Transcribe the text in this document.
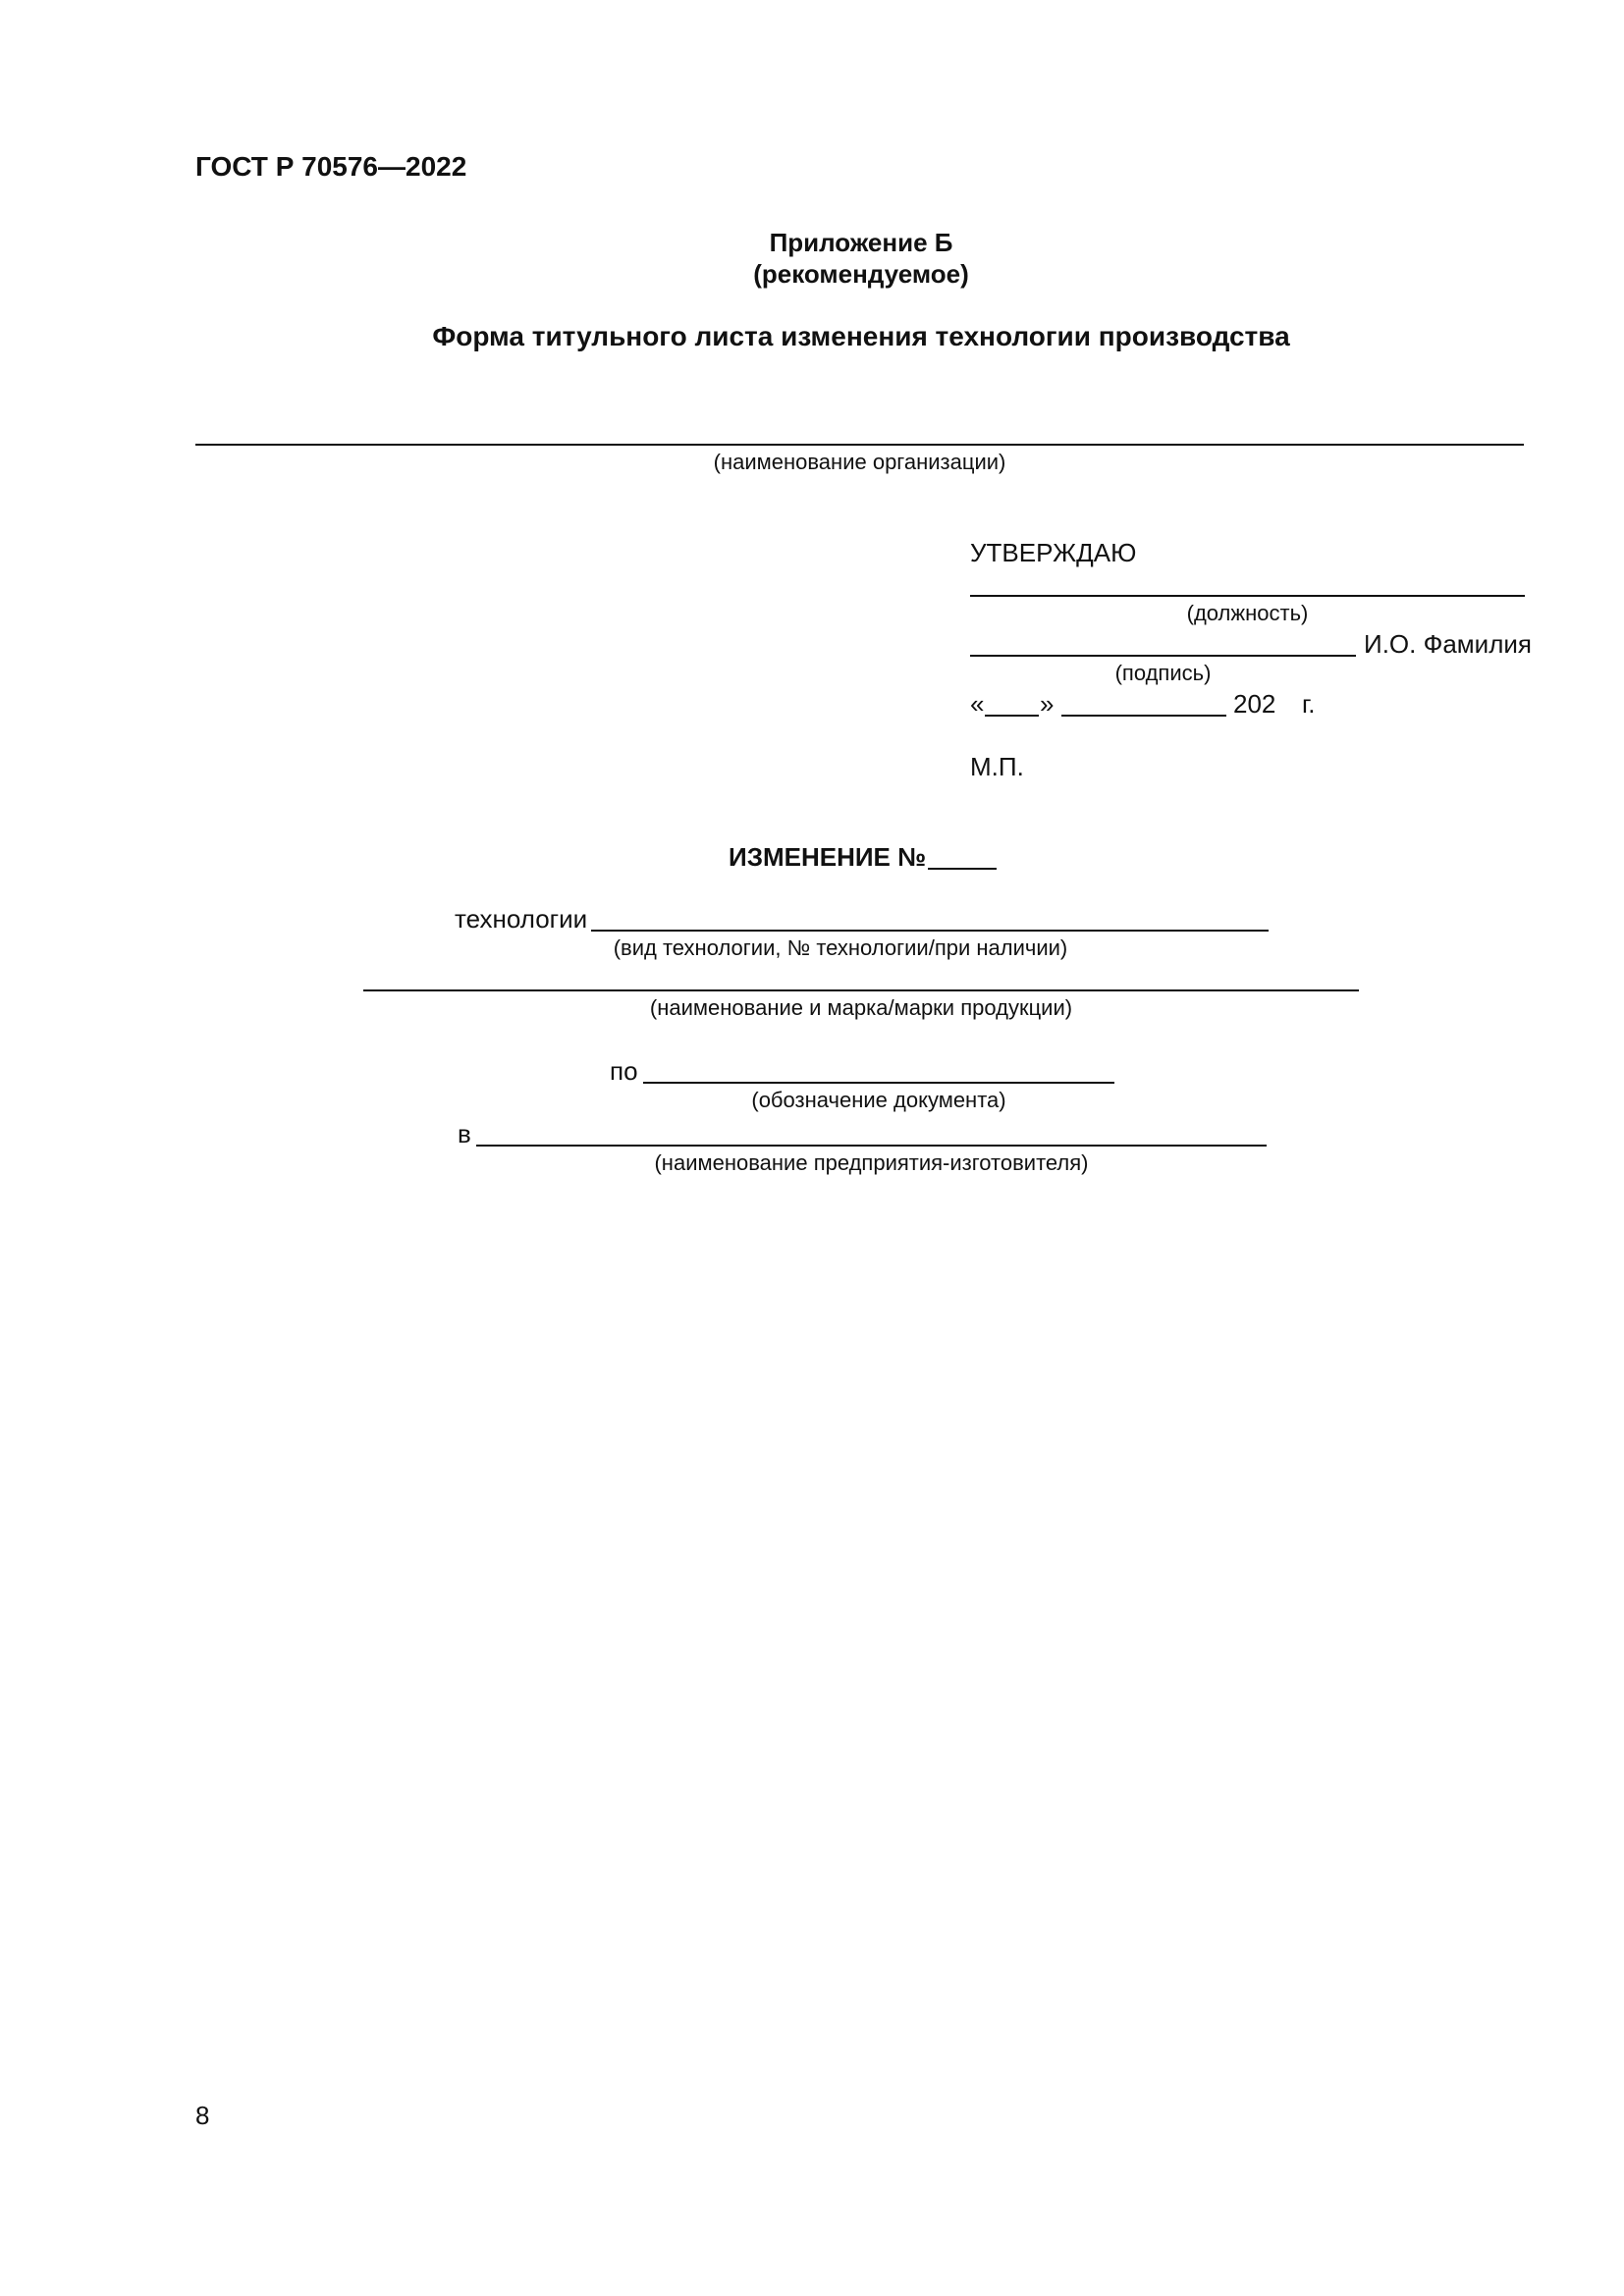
ГОСТ Р 70576—2022
Приложение Б
(рекомендуемое)
Форма титульного листа изменения технологии производства
(наименование организации)
УТВЕРЖДАЮ
(должность)
И.О. Фамилия
(подпись)
« »	202 г.
М.П.
ИЗМЕНЕНИЕ №
технологии
(вид технологии, № технологии/при наличии)
(наименование и марка/марки продукции)
по
(обозначение документа)
в
(наименование предприятия-изготовителя)
8
